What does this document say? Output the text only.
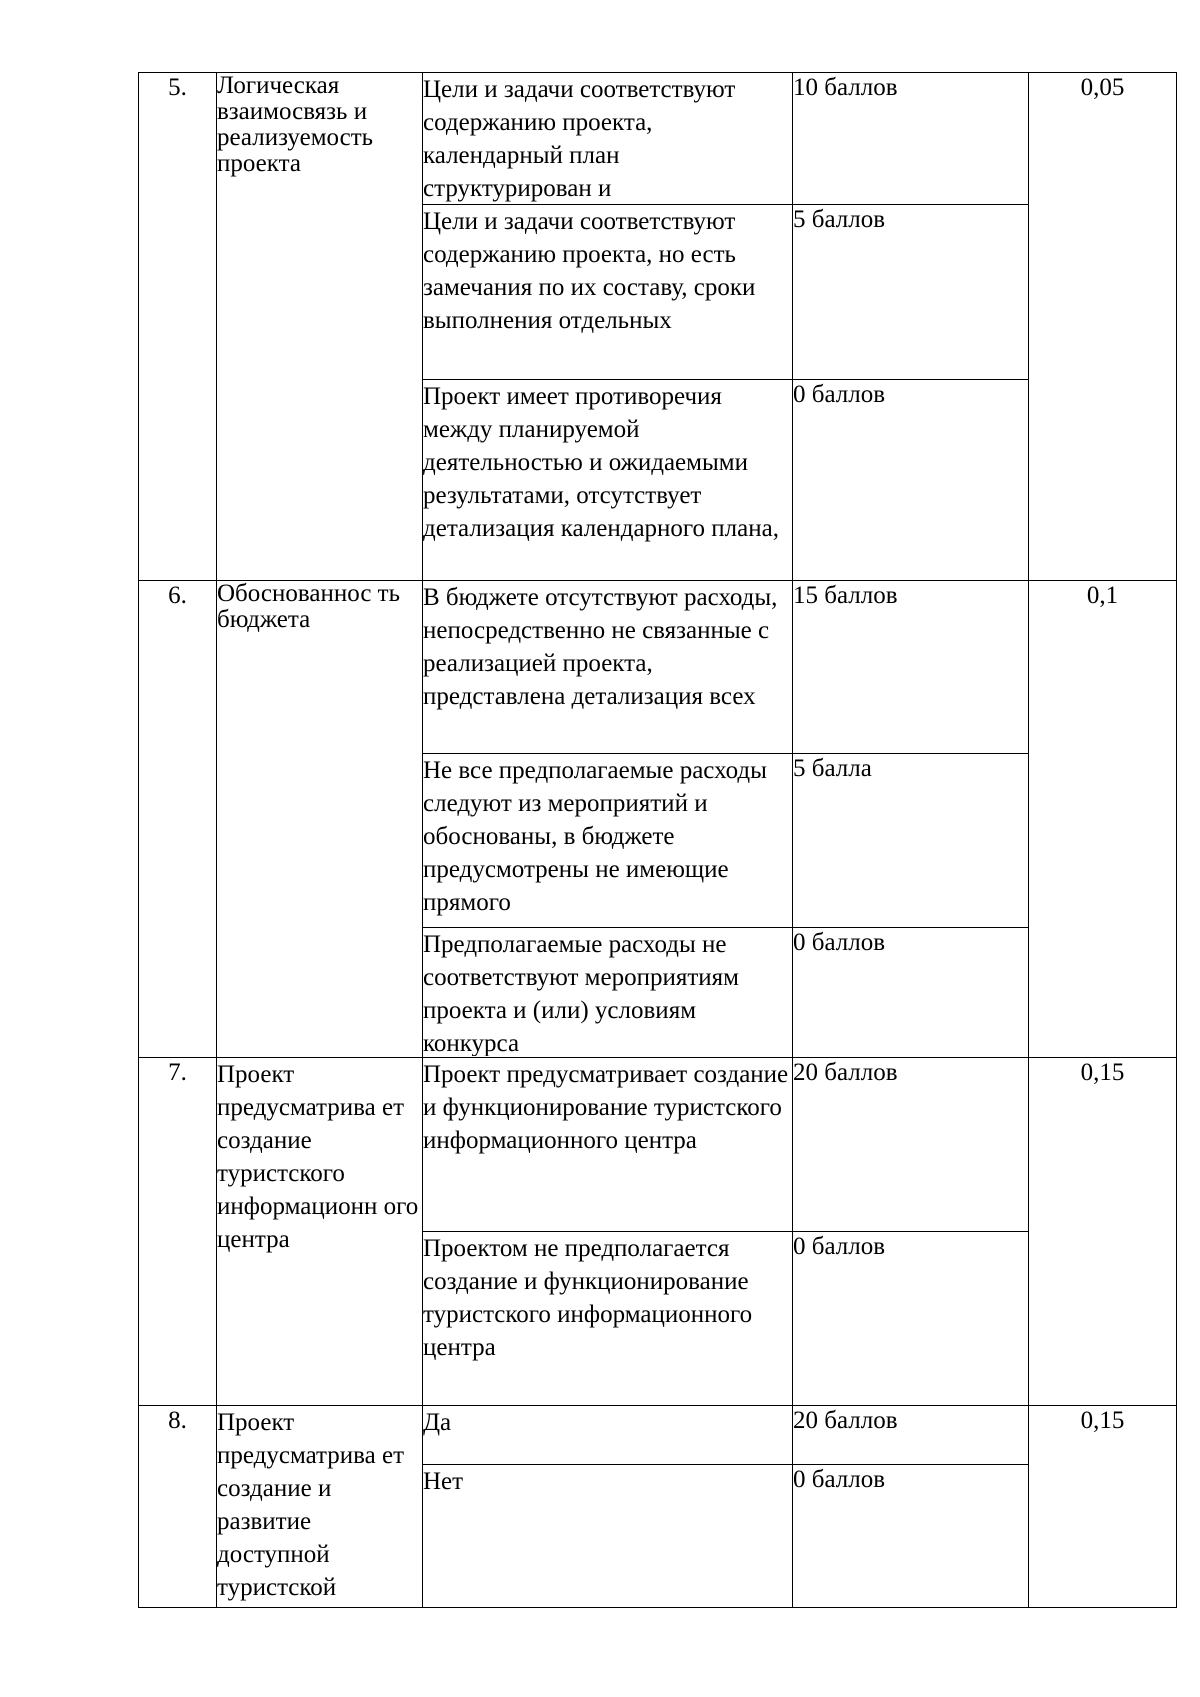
5.	Логическая взаимосвязь и реализуемость проекта	Цели и задачи соответствуют содержанию проекта, календарный план структурирован и	10 баллов	0,05

		Цели и задачи соответствуют содержанию проекта, но есть замечания по их составу, сроки выполнения отдельных	5 баллов	

		Проект имеет противоречия между планируемой деятельностью и ожидаемыми результатами, отсутствует детализация календарного плана,	0 баллов	

6.	Обоснованнос ть бюджета	В бюджете отсутствуют расходы, непосредственно не связанные с реализацией проекта, представлена детализация всех	15 баллов	0,1

		Не все предполагаемые расходы следуют из мероприятий и обоснованы, в бюджете предусмотрены не имеющие прямого	5 балла	

		Предполагаемые расходы не соответствуют мероприятиям проекта и (или) условиям конкурса	0 баллов	

7.	Проект предусматрива ет создание туристского информационн ого центра	Проект предусматривает создание и функционирование туристского информационного центра	20 баллов	0,15

		Проектом не предполагается создание и функционирование туристского информационного центра	0 баллов	

8.	Проект предусматрива ет создание и развитие доступной туристской	Да	20 баллов	0,15

		Нет	0 баллов	
